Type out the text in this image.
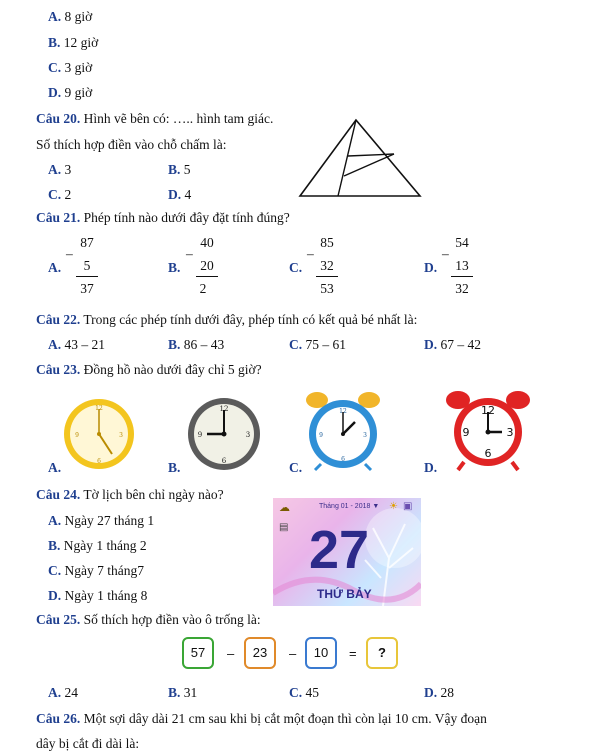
A. 8 giờ
B. 12 giờ
C. 3 giờ
D. 9 giờ
Câu 20. Hình vẽ bên có: ….. hình tam giác.
Số thích hợp điền vào chỗ chấm là:
A. 3	B. 5
C. 2	D. 4
Câu 21. Phép tính nào dưới đây đặt tính đúng?
A.
–
87
5
37
B.
–
40
20
2
C.
–
85
32
53
D.
–
54
13
32
Câu 22. Trong các phép tính dưới đây, phép tính có kết quả bé nhất là:
A. 43 – 21	B. 86 – 43	C. 75 – 61	D. 67 – 42
Câu 23. Đồng hồ nào dưới đây chỉ 5 giờ?
12
3
6
9
A.
12
3
6
9
B.
12
3
6
9
C.
12
3
6
9
D.
Câu 24. Tờ lịch bên chỉ ngày nào?
A. Ngày 27 tháng 1
B. Ngày 1 tháng 2
C. Ngày 7 tháng7
D. Ngày 1 tháng 8
☁	Tháng 01 - 2018 ▼ ☀ ▣
▤ 27
THỨ BẢY
Câu 25. Số thích hợp điền vào ô trống là:
57	–	23	–	10	=	?
A. 24	B. 31	C. 45	D. 28
Câu 26. Một sợi dây dài 21 cm sau khi bị cắt một đoạn thì còn lại 10 cm. Vậy đoạn
dây bị cắt đi dài là:
